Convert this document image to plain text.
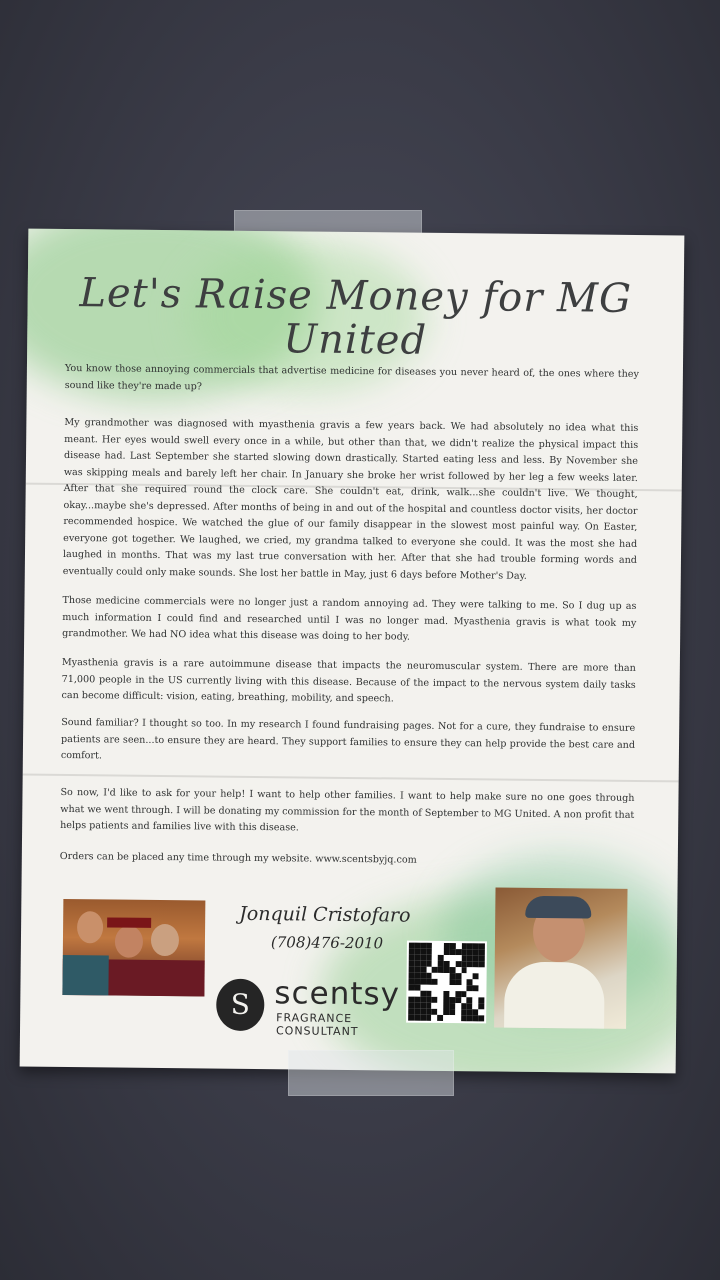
Let's Raise Money for MG United
You know those annoying commercials that advertise medicine for diseases you never heard of, the ones where they sound like they're made up?
My grandmother was diagnosed with myasthenia gravis a few years back. We had absolutely no idea what this meant. Her eyes would swell every once in a while, but other than that, we didn't realize the physical impact this disease had. Last September she started slowing down drastically. Started eating less and less. By November she was skipping meals and barely left her chair. In January she broke her wrist followed by her leg a few weeks later. After that she required round the clock care. She couldn't eat, drink, walk...she couldn't live. We thought, okay...maybe she's depressed. After months of being in and out of the hospital and countless doctor visits, her doctor recommended hospice. We watched the glue of our family disappear in the slowest most painful way. On Easter, everyone got together. We laughed, we cried, my grandma talked to everyone she could. It was the most she had laughed in months. That was my last true conversation with her. After that she had trouble forming words and eventually could only make sounds. She lost her battle in May, just 6 days before Mother's Day.
Those medicine commercials were no longer just a random annoying ad. They were talking to me. So I dug up as much information I could find and researched until I was no longer mad. Myasthenia gravis is what took my grandmother. We had NO idea what this disease was doing to her body.
Myasthenia gravis is a rare autoimmune disease that impacts the neuromuscular system. There are more than 71,000 people in the US currently living with this disease. Because of the impact to the nervous system daily tasks can become difficult: vision, eating, breathing, mobility, and speech.
Sound familiar? I thought so too. In my research I found fundraising pages. Not for a cure, they fundraise to ensure patients are seen...to ensure they are heard. They support families to ensure they can help provide the best care and comfort.
So now, I'd like to ask for your help! I want to help other families. I want to help make sure no one goes through what we went through. I will be donating my commission for the month of September to MG United. A non profit that helps patients and families live with this disease.
Orders can be placed any time through my website. www.scentsbyjq.com
Jonquil Cristofaro
(708)476-2010
S scentsy
FRAGRANCE
CONSULTANT
